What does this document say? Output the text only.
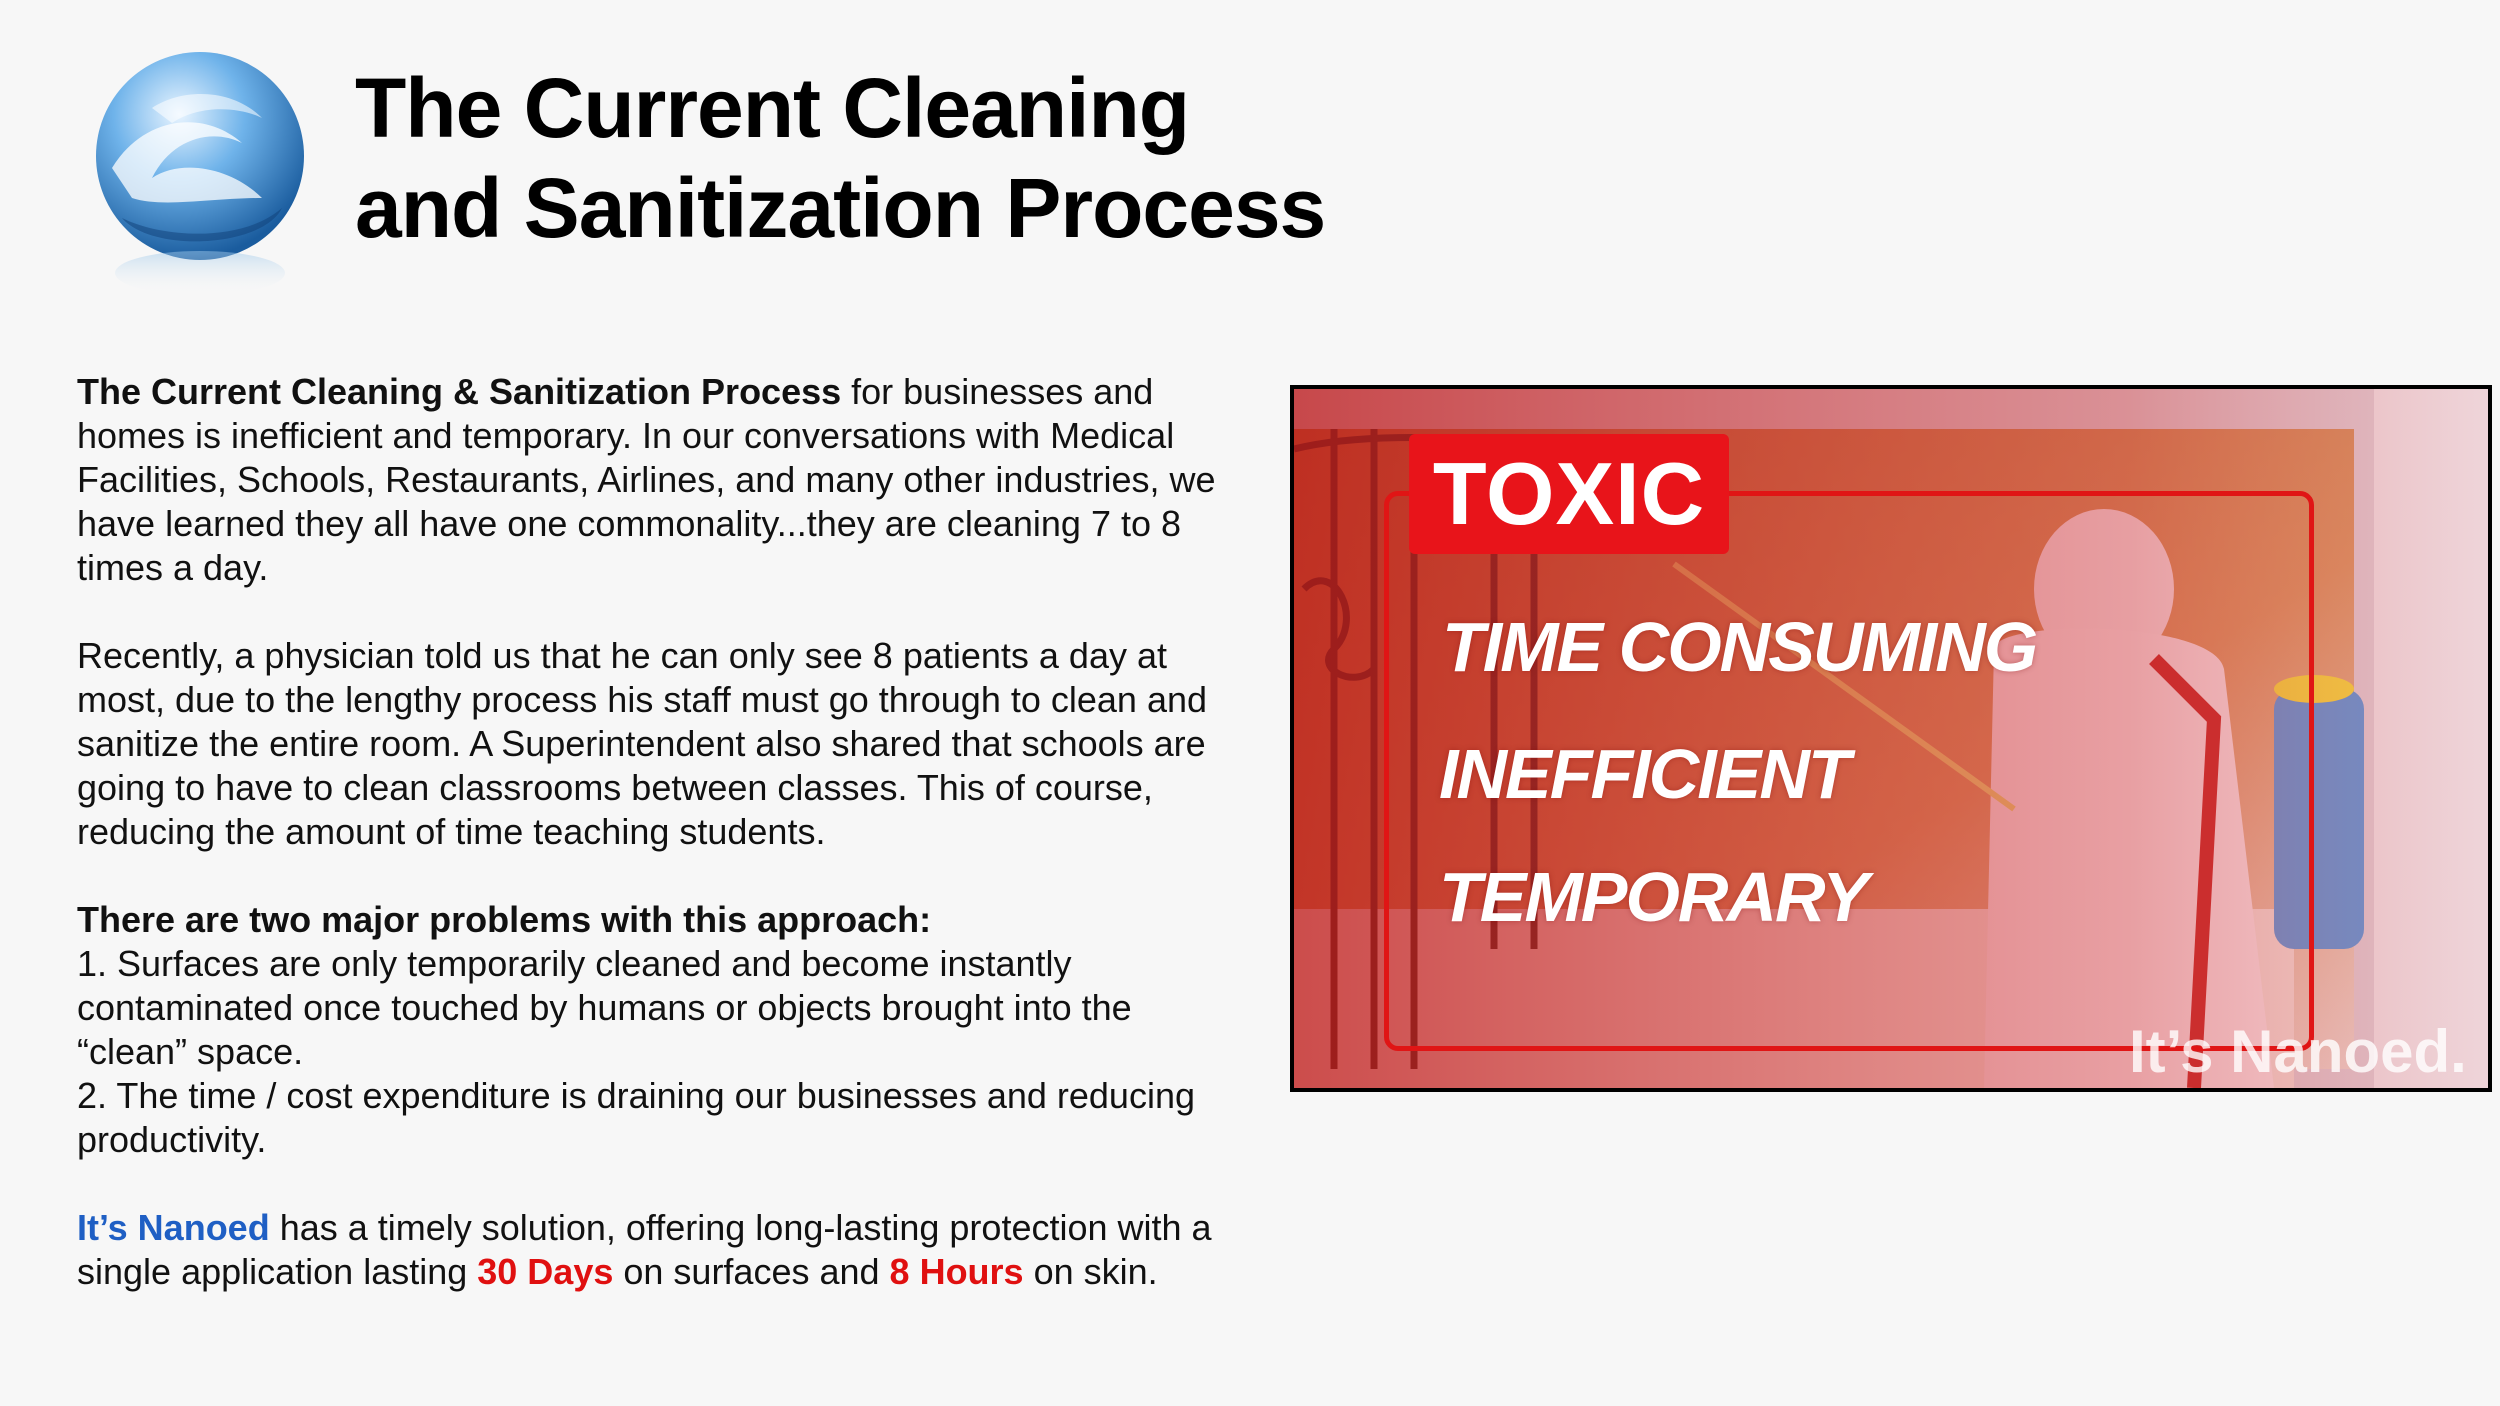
The Current Cleaning
and Sanitization Process

The Current Cleaning & Sanitization Process for businesses and homes is inefficient and temporary. In our conversations with Medical Facilities, Schools, Restaurants, Airlines, and many other industries, we have learned they all have one commonality...they are cleaning 7 to 8 times a day.

Recently, a physician told us that he can only see 8 patients a day at most, due to the lengthy process his staff must go through to clean and sanitize the entire room. A Superintendent also shared that schools are going to have to clean classrooms between classes. This of course, reducing the amount of time teaching students.

There are two major problems with this approach:

1. Surfaces are only temporarily cleaned and become instantly contaminated once touched by humans or objects brought into the “clean” space.

2. The time / cost expenditure is draining our businesses and reducing productivity.

It’s Nanoed has a timely solution, offering long-lasting protection with a single application lasting 30 Days on surfaces and 8 Hours on skin.

TOXIC
TIME CONSUMING
INEFFICIENT
TEMPORARY
It’s Nanoed.
